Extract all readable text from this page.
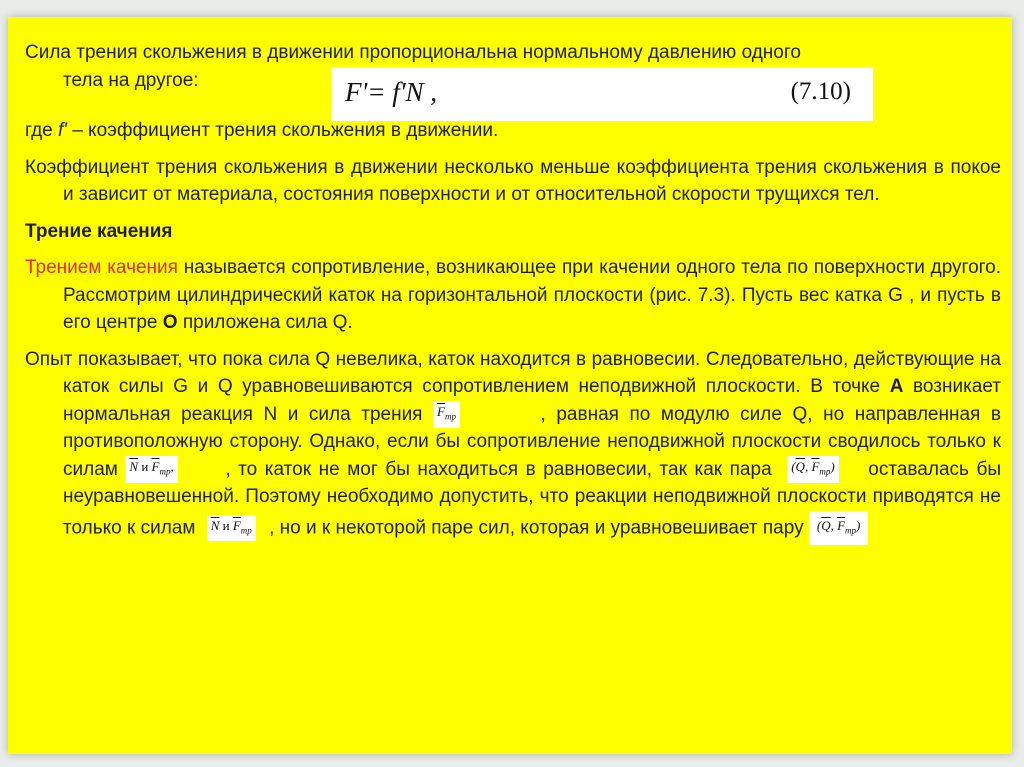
F'= f'N ,	(7.10)

Сила трения скольжения в движении пропорциональна нормальному давлению одного
тела на другое:

где f' – коэффициент трения скольжения в движении.

Коэффициент трения скольжения в движении несколько меньше коэффициента трения скольжения в покое и зависит от материала, состояния поверхности и от относительной скорости трущихся тел.

Трение качения

Трением качения называется сопротивление, возникающее при качении одного тела по поверхности другого. Рассмотрим цилиндрический каток на горизонтальной плоскости (рис. 7.3). Пусть вес катка G , и пусть в его центре О приложена сила Q.

Опыт показывает, что пока сила Q невелика, каток находится в равновесии. Следовательно, действующие на каток силы G и Q уравновешиваются сопротивлением неподвижной плоскости. В точке А возникает нормальная реакция N и сила трения $\overline{F}_{тр}$	, равная по модулю силе Q, но направленная в противоположную сторону. Однако, если бы сопротивление неподвижной плоскости сводилось только к силам $\overline{N}$ и $\overline{F}_{тр}$, , то каток не мог бы находиться в равновесии, так как пара ($\overline{Q}$, $\overline{F}_{тр}$) оставалась бы неуравновешенной. Поэтому необходимо допустить, что реакции неподвижной плоскости приводятся не только к силам $\overline{N}$ и $\overline{F}_{тр}$ , но и к некоторой паре сил, которая и уравновешивает пару ($\overline{Q}$, $\overline{F}_{тр}$)
